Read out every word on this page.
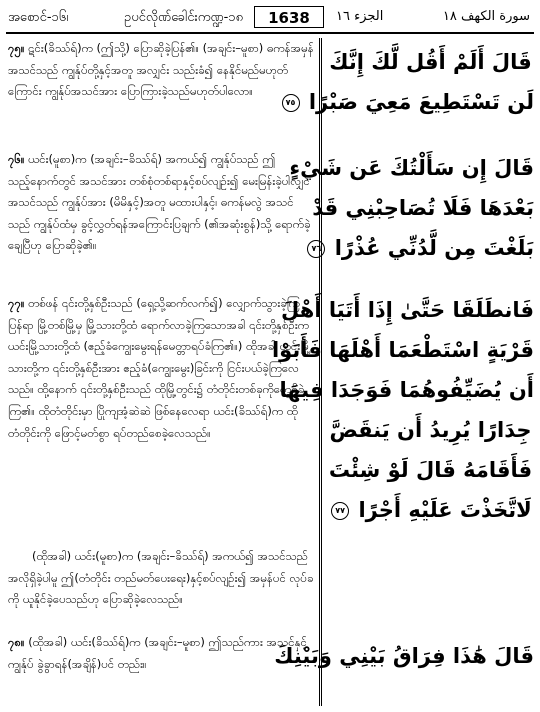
အစောင်-၁၆၊	ဥပင်လိုဏ်ခေါင်းကဏ္ဍ-၁၈	1638	الجزء ١٦	سورة الكهف ١٨
၇၅။ ဋင်း(ခိဿ်ရ်)က (ဤသို့) ပြောဆိုခဲ့ပြန်၏။ (အချင်း–မူစာ) ဓကန်အမှန် အသင်သည် ကျွန်ုပ်တို့နှင့်အတူ အလျှင်း သည်းခံ၍ နေနိုင်မည်မဟုတ်ကြောင်း ကျွန်ုပ်အသင်အား ပြောကြားခဲ့သည်မဟုတ်ပါလော။
၇၆။ ယင်း(မူစာ)က (အချင်း–ခိဿ်ရ်) အကယ်၍ ကျွန်ုပ်သည် ဤသည့်နောက်တွင် အသင်အား တစ်စုံတစ်ရာနှင့်စပ်လျဉ်း၍ မေးမြန်းခဲ့ပါလျှင် အသင်သည် ကျွန်ုပ်အား (မိမိနှင့်)အတူ မထားပါနှင့်၊ ဓကန်မလွဲ အသင်သည် ကျွန်ုပ်ထံမှ ခွင့်လွှတ်ရန်အကြောင်းပြချက် (၏အဆုံးစွန်)သို့ ရောက်ခဲ့ချေပြီဟု ပြောဆိုခဲ့၏။
၇၇။ တစ်ဖန် ၎င်းတို့နှစ်ဦးသည် (ရှေ့သို့ဆက်လက်၍) လျှောက်သွားခဲ့ကြပြန်ရာ မြို့တစ်မြို့မှ မြို့သားတို့ထံ ရောက်လာခဲ့ကြသောအခါ ၎င်းတို့နှစ်ဦးက ယင်းမြို့သားတို့ထံ (ဧည့်ခံကျွေးမွေးရန်မေတ္တာရပ်ခံကြ၏။) ထိုအခါ ယင်းမြို့သားတို့က ၎င်းတို့နှစ်ဦးအား ဧည့်ခံ(ကျွေးမွေး)ခြင်းကို ငြင်းပယ်ခဲ့ကြလေသည်။ ထို့နောက် ၎င်းတို့နှစ်ဦးသည် ထိုမြို့တွင်း၌ တံတိုင်းတစ်ခုကိုတွေ့ရှိခဲ့ကြ၏။ ထိုတံတိုင်းမှာ ပြိုကျအံ့ဆဲဆဲ ဖြစ်နေလေရာ ယင်း(ခိဿ်ရ်)က ထိုတံတိုင်းကို ဖြောင့်မတ်စွာ ရပ်တည်စေခဲ့လေသည်။
(ထိုအခါ) ယင်း(မူစာ)က (အချင်း–ခိဿ်ရ်) အကယ်၍ အသင်သည် အလိုရှိခဲ့ပါမူ ဤ(တံတိုင်း တည်မတ်ပေးရေး)နှင့်စပ်လျဉ်း၍ အမှန်ပင် လုပ်ခကို ယူနိုင်ခဲ့ပေသည်ဟု ပြောဆိုခဲ့လေသည်။
၇၈။ (ထိုအခါ) ယင်း(ခိဿ်ရ်)က (အချင်း–မူစာ) ဤသည်ကား အသင်နှင့်ကျွန်ုပ် ခွဲခွာရန်(အချိန်)ပင် တည်း။
قَالَ أَلَمْ أَقُل لَّكَ إِنَّكَ
لَن تَسْتَطِيعَ مَعِيَ صَبْرًا ٧٥
قَالَ إِن سَأَلْتُكَ عَن شَيْءٍ
بَعْدَهَا فَلَا تُصَاحِبْنِي قَدْ
بَلَغْتَ مِن لَّدُنِّي عُذْرًا ٧٦
فَانطَلَقَا حَتَّىٰ إِذَا أَتَيَا أَهْلَ
قَرْيَةٍ اسْتَطْعَمَا أَهْلَهَا فَأَبَوْا
أَن يُضَيِّفُوهُمَا فَوَجَدَا فِيهَا
جِدَارًا يُرِيدُ أَن يَنقَضَّ
فَأَقَامَهُ قَالَ لَوْ شِئْتَ
لَاتَّخَذْتَ عَلَيْهِ أَجْرًا ٧٧
قَالَ هَٰذَا فِرَاقُ بَيْنِي وَبَيْنِكَ
